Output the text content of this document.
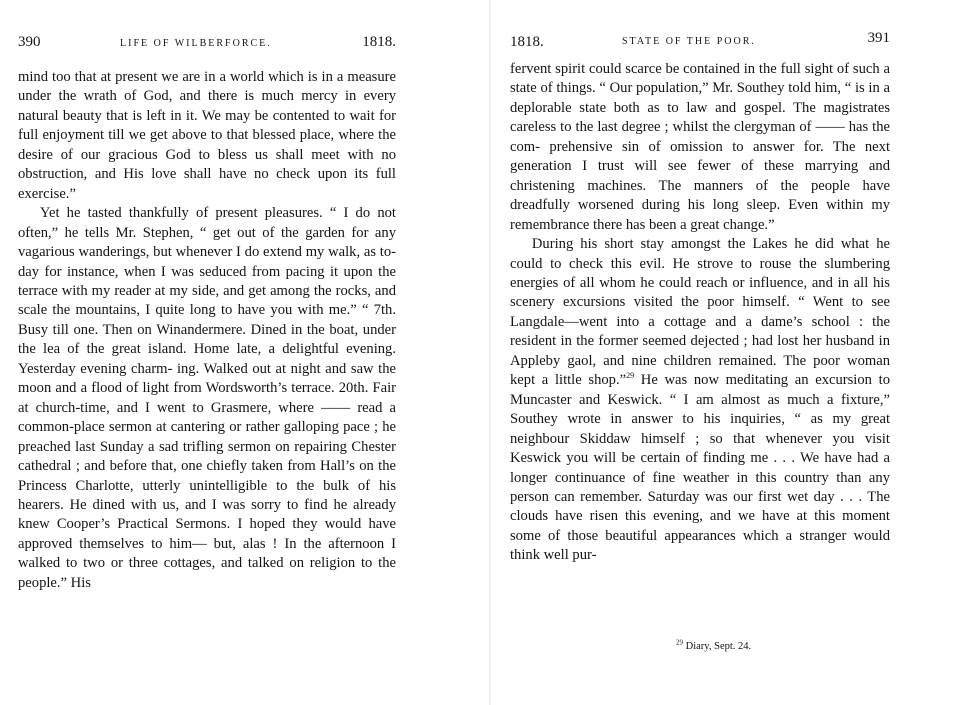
390	LIFE OF WILBERFORCE.	1818.

mind too that at present we are in a world which is in a measure under the wrath of God, and there is much mercy in every natural beauty that is left in it. We may be contented to wait for full enjoyment till we get above to that blessed place, where the desire of our gracious God to bless us shall meet with no obstruction, and His love shall have no check upon its full exercise.”

Yet he tasted thankfully of present pleasures. “ I do not often,” he tells Mr. Stephen, “ get out of the garden for any vagarious wanderings, but whenever I do extend my walk, as to-day for instance, when I was seduced from pacing it upon the terrace with my reader at my side, and get among the rocks, and scale the mountains, I quite long to have you with me.” “ 7th. Busy till one. Then on Winandermere. Dined in the boat, under the lea of the great island. Home late, a delightful evening. Yesterday evening charm- ing. Walked out at night and saw the moon and a flood of light from Wordsworth’s terrace. 20th. Fair at church-time, and I went to Grasmere, where —— read a common-place sermon at cantering or rather galloping pace ; he preached last Sunday a sad trifling sermon on repairing Chester cathedral ; and before that, one chiefly taken from Hall’s on the Princess Charlotte, utterly unintelligible to the bulk of his hearers. He dined with us, and I was sorry to find he already knew Cooper’s Practical Sermons. I hoped they would have approved themselves to him— but, alas ! In the afternoon I walked to two or three cottages, and talked on religion to the people.” His

1818.	STATE OF THE POOR.	391

fervent spirit could scarce be contained in the full sight of such a state of things. “ Our population,” Mr. Southey told him, “ is in a deplorable state both as to law and gospel. The magistrates careless to the last degree ; whilst the clergyman of —— has the com- prehensive sin of omission to answer for. The next generation I trust will see fewer of these marrying and christening machines. The manners of the people have dreadfully worsened during his long sleep. Even within my remembrance there has been a great change.”

During his short stay amongst the Lakes he did what he could to check this evil. He strove to rouse the slumbering energies of all whom he could reach or influence, and in all his scenery excursions visited the poor himself. “ Went to see Langdale—went into a cottage and a dame’s school : the resident in the former seemed dejected ; had lost her husband in Appleby gaol, and nine children remained. The poor woman kept a little shop.”$^{29}$ He was now meditating an excursion to Muncaster and Keswick. “ I am almost as much a fixture,” Southey wrote in answer to his inquiries, “ as my great neighbour Skiddaw himself ; so that whenever you visit Keswick you will be certain of finding me . . . We have had a longer continuance of fine weather in this country than any person can remember. Saturday was our first wet day . . . The clouds have risen this evening, and we have at this moment some of those beautiful appearances which a stranger would think well pur-

$^{29}$ Diary, Sept. 24.
